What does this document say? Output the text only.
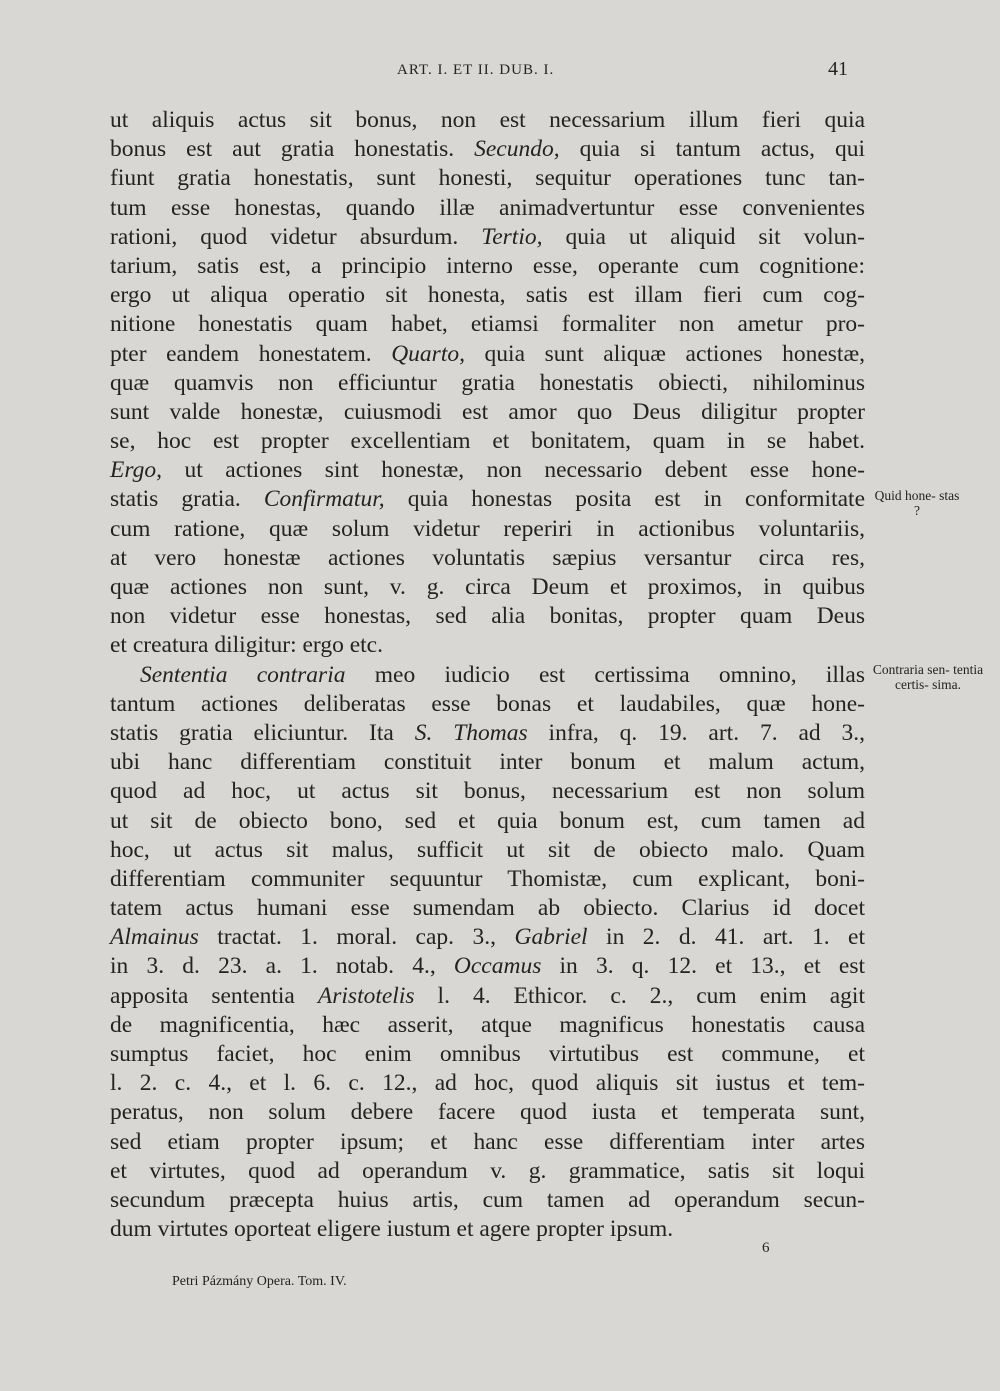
ART. I. ET II. DUB. I.	41
ut aliquis actus sit bonus, non est necessarium illum fieri quia
bonus est aut gratia honestatis. Secundo, quia si tantum actus, qui
fiunt gratia honestatis, sunt honesti, sequitur operationes tunc tan-
tum esse honestas, quando illæ animadvertuntur esse convenientes
rationi, quod videtur absurdum. Tertio, quia ut aliquid sit volun-
tarium, satis est, a principio interno esse, operante cum cognitione:
ergo ut aliqua operatio sit honesta, satis est illam fieri cum cog-
nitione honestatis quam habet, etiamsi formaliter non ametur pro-
pter eandem honestatem. Quarto, quia sunt aliquæ actiones honestæ,
quæ quamvis non efficiuntur gratia honestatis obiecti, nihilominus
sunt valde honestæ, cuiusmodi est amor quo Deus diligitur propter
se, hoc est propter excellentiam et bonitatem, quam in se habet.
Ergo, ut actiones sint honestæ, non necessario debent esse hone-
statis gratia. Confirmatur, quia honestas posita est in conformitate
cum ratione, quæ solum videtur reperiri in actionibus voluntariis,
at vero honestæ actiones voluntatis sæpius versantur circa res,
quæ actiones non sunt, v. g. circa Deum et proximos, in quibus
non videtur esse honestas, sed alia bonitas, propter quam Deus
et creatura diligitur: ergo etc.
Sententia contraria meo iudicio est certissima omnino, illas
tantum actiones deliberatas esse bonas et laudabiles, quæ hone-
statis gratia eliciuntur. Ita S. Thomas infra, q. 19. art. 7. ad 3.,
ubi hanc differentiam constituit inter bonum et malum actum,
quod ad hoc, ut actus sit bonus, necessarium est non solum
ut sit de obiecto bono, sed et quia bonum est, cum tamen ad
hoc, ut actus sit malus, sufficit ut sit de obiecto malo. Quam
differentiam communiter sequuntur Thomistæ, cum explicant, boni-
tatem actus humani esse sumendam ab obiecto. Clarius id docet
Almainus tractat. 1. moral. cap. 3., Gabriel in 2. d. 41. art. 1. et
in 3. d. 23. a. 1. notab. 4., Occamus in 3. q. 12. et 13., et est
apposita sententia Aristotelis l. 4. Ethicor. c. 2., cum enim agit
de magnificentia, hæc asserit, atque magnificus honestatis causa
sumptus faciet, hoc enim omnibus virtutibus est commune, et
l. 2. c. 4., et l. 6. c. 12., ad hoc, quod aliquis sit iustus et tem-
peratus, non solum debere facere quod iusta et temperata sunt,
sed etiam propter ipsum; et hanc esse differentiam inter artes
et virtutes, quod ad operandum v. g. grammatice, satis sit loqui
secundum præcepta huius artis, cum tamen ad operandum secun-
dum virtutes oporteat eligere iustum et agere propter ipsum.
Quid hone- stas ?
Contraria sen- tentia certis- sima.
6
Petri Pázmány Opera. Tom. IV.
